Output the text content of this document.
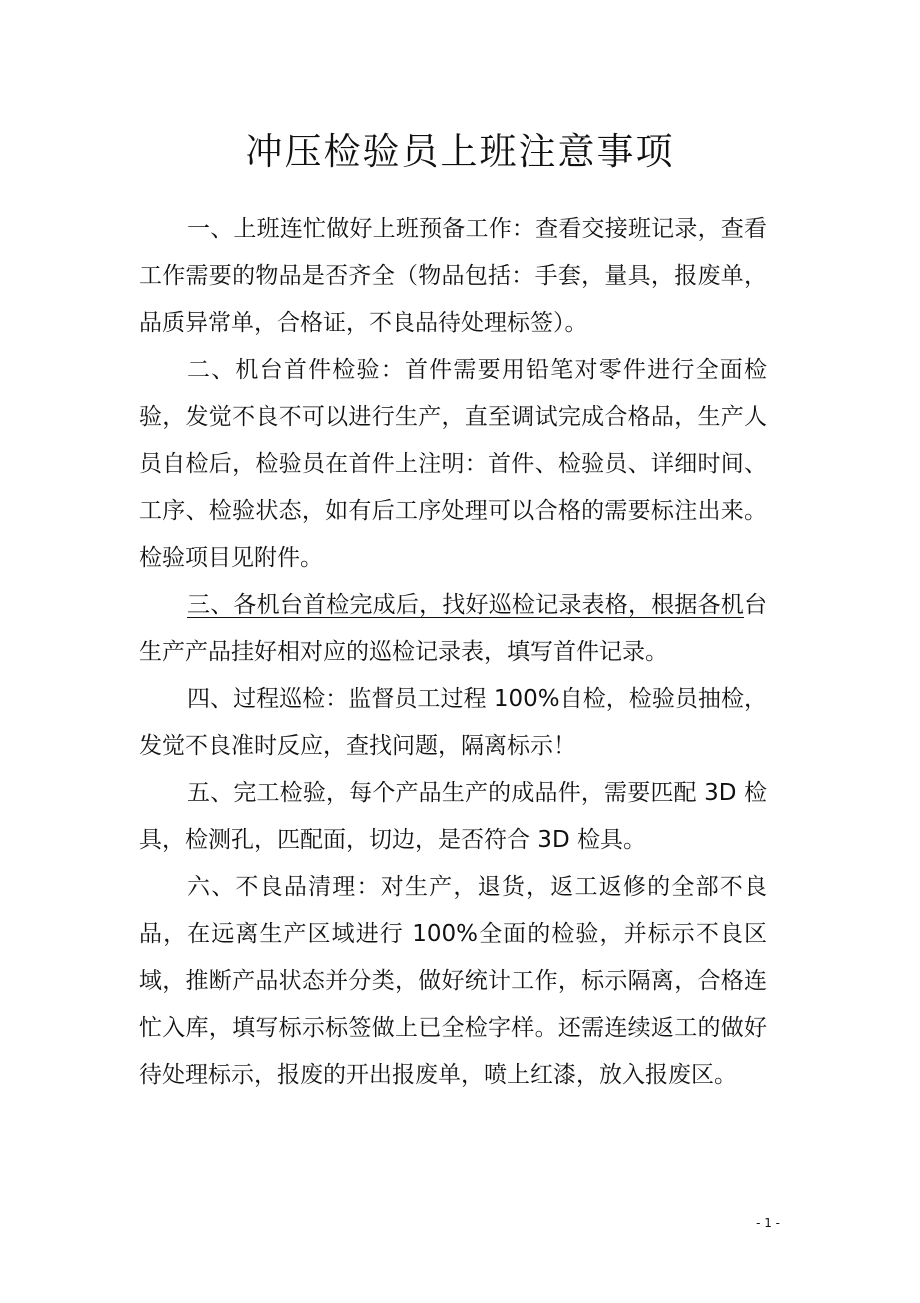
冲压检验员上班注意事项

一、上班连忙做好上班预备工作：查看交接班记录，查看工作需要的物品是否齐全（物品包括：手套，量具，报废单，品质异常单，合格证，不良品待处理标签）。

二、机台首件检验：首件需要用铅笔对零件进行全面检验，发觉不良不可以进行生产，直至调试完成合格品，生产人员自检后，检验员在首件上注明：首件、检验员、详细时间、工序、检验状态，如有后工序处理可以合格的需要标注出来。检验项目见附件。

三、各机台首检完成后，找好巡检记录表格，根据各机台生产产品挂好相对应的巡检记录表，填写首件记录。

四、过程巡检：监督员工过程 100%自检，检验员抽检，发觉不良准时反应，查找问题，隔离标示！

五、完工检验，每个产品生产的成品件，需要匹配 3D 检具，检测孔，匹配面，切边，是否符合 3D 检具。

六、不良品清理：对生产，退货，返工返修的全部不良品，在远离生产区域进行 100%全面的检验，并标示不良区域，推断产品状态并分类，做好统计工作，标示隔离，合格连忙入库，填写标示标签做上已全检字样。还需连续返工的做好待处理标示，报废的开出报废单，喷上红漆，放入报废区。

- 1 -
